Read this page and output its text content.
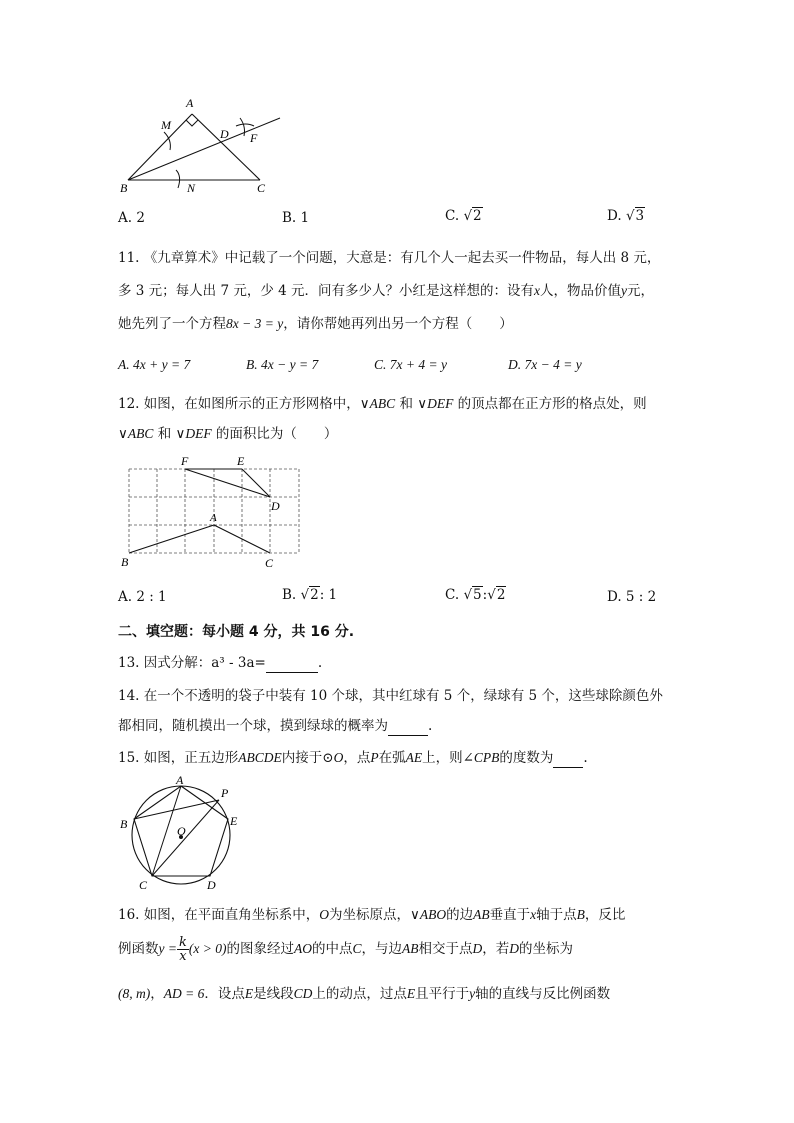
A
M
D F
B	N	C
A. 2	B. 1	C. √2	D. √3
11. 《九章算术》中记载了一个问题，大意是：有几个人一起去买一件物品，每人出 8 元，
多 3 元；每人出 7 元，少 4 元．问有多少人？小红是这样想的：设有x人，物品价值y元，
她先列了一个方程8x − 3 = y，请你帮她再列出另一个方程（　　）
A. 4x + y = 7	B. 4x − y = 7	C. 7x + 4 = y	D. 7x − 4 = y
12. 如图，在如图所示的正方形网格中，∨ABC 和 ∨DEF 的顶点都在正方形的格点处，则
∨ABC 和 ∨DEF 的面积比为（　　）
F	E
D
A
B	C
A. 2 : 1	B. √2: 1	C. √5:√2	D. 5 : 2
二、填空题：每小题 4 分，共 16 分.
13. 因式分解：a³ - 3a=	.
14. 在一个不透明的袋子中装有 10 个球，其中红球有 5 个，绿球有 5 个，这些球除颜色外
都相同，随机摸出一个球，摸到绿球的概率为	.
15. 如图，正五边形ABCDE内接于⊙O，点P在弧AE上，则∠CPB的度数为 .
A
P
B	E
O
C	D
16. 如图，在平面直角坐标系中，O为坐标原点，∨ABO的边AB垂直于x轴于点B，反比
例函数$y = \frac{k}{x} (x > 0)$的图象经过AO的中点C，与边AB相交于点D，若D的坐标为
(8, m)，AD = 6．设点E是线段CD上的动点，过点E且平行于y轴的直线与反比例函数
